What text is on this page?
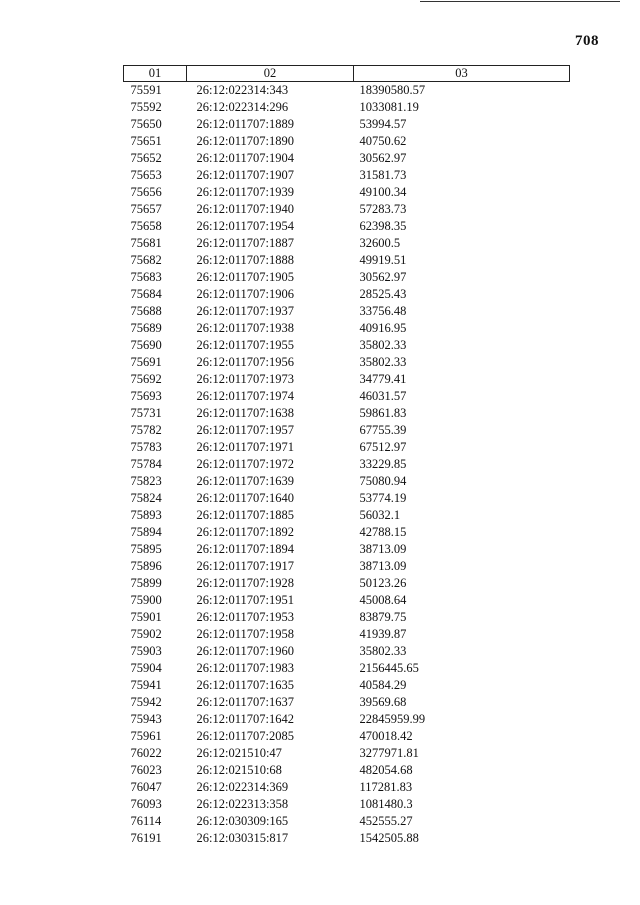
708
01	02	03
75591	26:12:022314:343	18390580.57
75592	26:12:022314:296	1033081.19
75650	26:12:011707:1889	53994.57
75651	26:12:011707:1890	40750.62
75652	26:12:011707:1904	30562.97
75653	26:12:011707:1907	31581.73
75656	26:12:011707:1939	49100.34
75657	26:12:011707:1940	57283.73
75658	26:12:011707:1954	62398.35
75681	26:12:011707:1887	32600.5
75682	26:12:011707:1888	49919.51
75683	26:12:011707:1905	30562.97
75684	26:12:011707:1906	28525.43
75688	26:12:011707:1937	33756.48
75689	26:12:011707:1938	40916.95
75690	26:12:011707:1955	35802.33
75691	26:12:011707:1956	35802.33
75692	26:12:011707:1973	34779.41
75693	26:12:011707:1974	46031.57
75731	26:12:011707:1638	59861.83
75782	26:12:011707:1957	67755.39
75783	26:12:011707:1971	67512.97
75784	26:12:011707:1972	33229.85
75823	26:12:011707:1639	75080.94
75824	26:12:011707:1640	53774.19
75893	26:12:011707:1885	56032.1
75894	26:12:011707:1892	42788.15
75895	26:12:011707:1894	38713.09
75896	26:12:011707:1917	38713.09
75899	26:12:011707:1928	50123.26
75900	26:12:011707:1951	45008.64
75901	26:12:011707:1953	83879.75
75902	26:12:011707:1958	41939.87
75903	26:12:011707:1960	35802.33
75904	26:12:011707:1983	2156445.65
75941	26:12:011707:1635	40584.29
75942	26:12:011707:1637	39569.68
75943	26:12:011707:1642	22845959.99
75961	26:12:011707:2085	470018.42
76022	26:12:021510:47	3277971.81
76023	26:12:021510:68	482054.68
76047	26:12:022314:369	117281.83
76093	26:12:022313:358	1081480.3
76114	26:12:030309:165	452555.27
76191	26:12:030315:817	1542505.88
